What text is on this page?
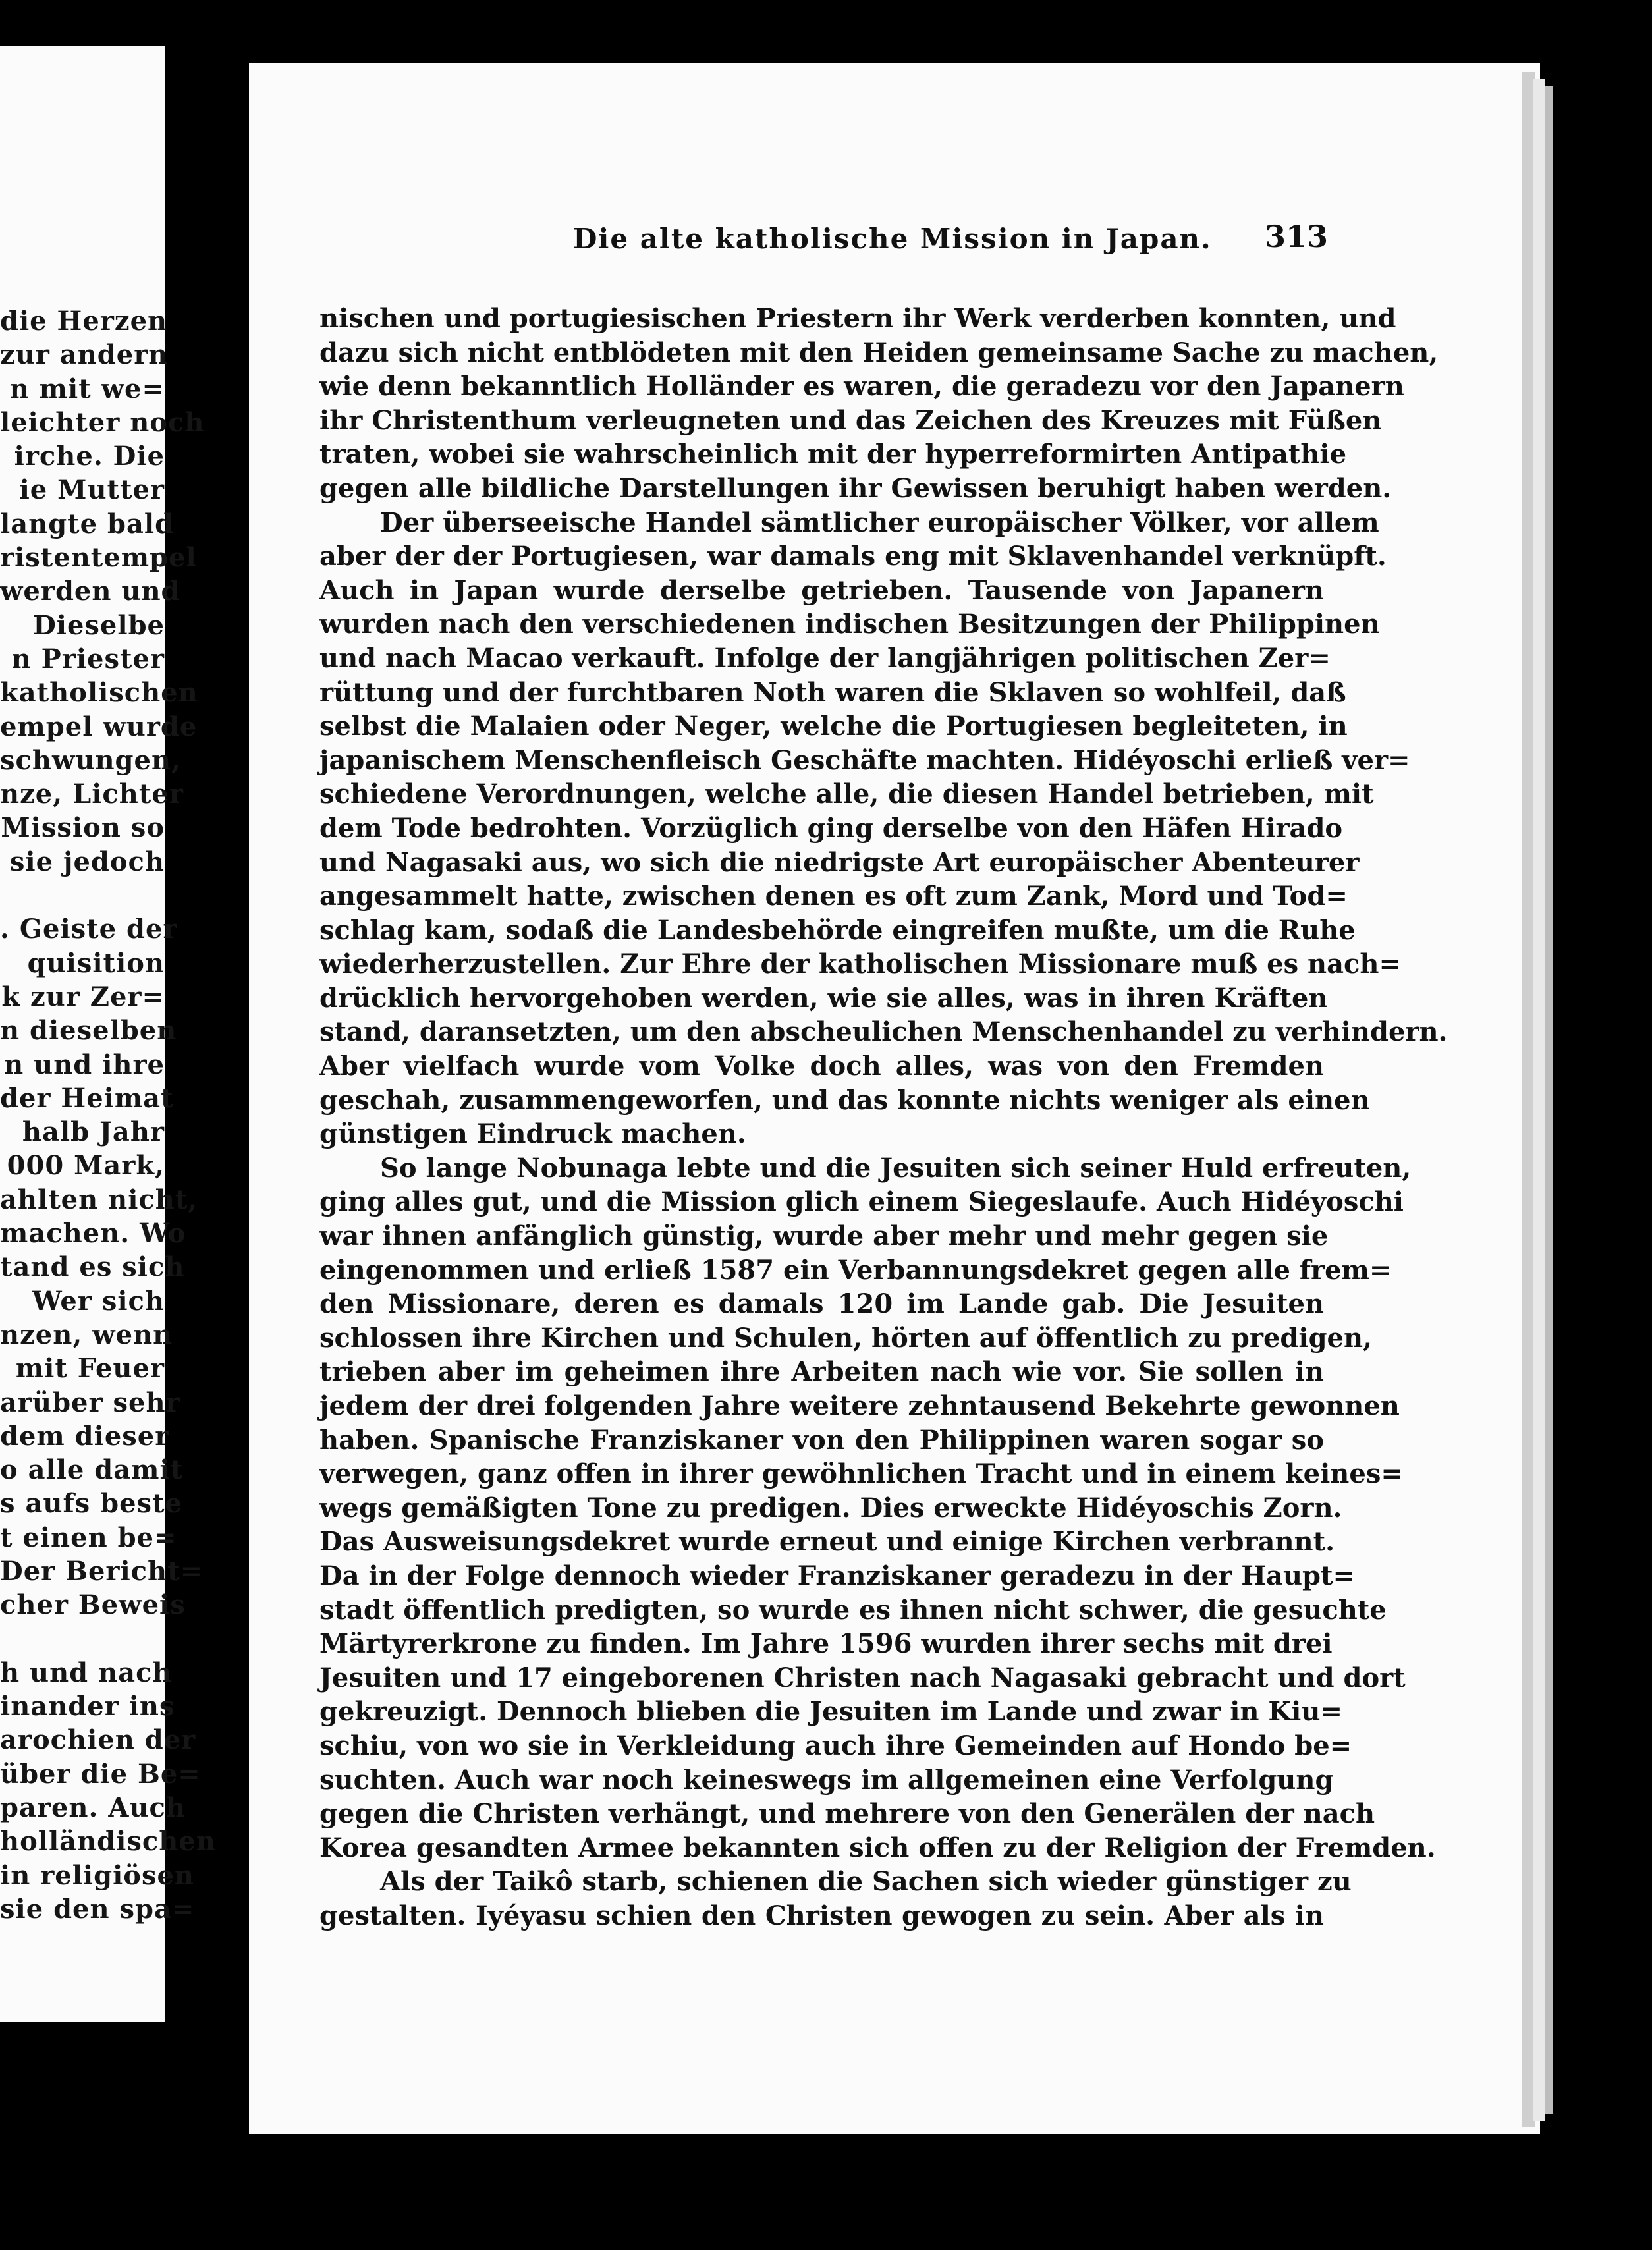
die Herzen
zur andern
n mit we=
leichter noch
irche. Die
ie Mutter
langte bald
ristentempel
werden und
Dieselbe
n Priester
katholischen
empel wurde
schwungen,
nze, Lichter
Mission so
sie jedoch
. Geiste der
quisition
k zur Zer=
n dieselben
n und ihre
der Heimat
halb Jahr
000 Mark,
ahlten nicht,
machen. Wo
tand es sich
Wer sich
nzen, wenn
mit Feuer
arüber sehr
dem dieser
o alle damit
s aufs beste
t einen be=
Der Bericht=
cher Beweis
h und nach
inander ins
arochien der
über die Be=
paren. Auch
holländischen
in religiösen
sie den spa=
Die alte katholische Mission in Japan. 313
nischen und portugiesischen Priestern ihr Werk verderben konnten, und
dazu sich nicht entblödeten mit den Heiden gemeinsame Sache zu machen,
wie denn bekanntlich Holländer es waren, die geradezu vor den Japanern
ihr Christenthum verleugneten und das Zeichen des Kreuzes mit Füßen
traten, wobei sie wahrscheinlich mit der hyperreformirten Antipathie
gegen alle bildliche Darstellungen ihr Gewissen beruhigt haben werden.
Der überseeische Handel sämtlicher europäischer Völker, vor allem
aber der der Portugiesen, war damals eng mit Sklavenhandel verknüpft.
Auch in Japan wurde derselbe getrieben. Tausende von Japanern
wurden nach den verschiedenen indischen Besitzungen der Philippinen
und nach Macao verkauft. Infolge der langjährigen politischen Zer=
rüttung und der furchtbaren Noth waren die Sklaven so wohlfeil, daß
selbst die Malaien oder Neger, welche die Portugiesen begleiteten, in
japanischem Menschenfleisch Geschäfte machten. Hidéyoschi erließ ver=
schiedene Verordnungen, welche alle, die diesen Handel betrieben, mit
dem Tode bedrohten. Vorzüglich ging derselbe von den Häfen Hirado
und Nagasaki aus, wo sich die niedrigste Art europäischer Abenteurer
angesammelt hatte, zwischen denen es oft zum Zank, Mord und Tod=
schlag kam, sodaß die Landesbehörde eingreifen mußte, um die Ruhe
wiederherzustellen. Zur Ehre der katholischen Missionare muß es nach=
drücklich hervorgehoben werden, wie sie alles, was in ihren Kräften
stand, daransetzten, um den abscheulichen Menschenhandel zu verhindern.
Aber vielfach wurde vom Volke doch alles, was von den Fremden
geschah, zusammengeworfen, und das konnte nichts weniger als einen
günstigen Eindruck machen.
So lange Nobunaga lebte und die Jesuiten sich seiner Huld erfreuten,
ging alles gut, und die Mission glich einem Siegeslaufe. Auch Hidéyoschi
war ihnen anfänglich günstig, wurde aber mehr und mehr gegen sie
eingenommen und erließ 1587 ein Verbannungsdekret gegen alle frem=
den Missionare, deren es damals 120 im Lande gab. Die Jesuiten
schlossen ihre Kirchen und Schulen, hörten auf öffentlich zu predigen,
trieben aber im geheimen ihre Arbeiten nach wie vor. Sie sollen in
jedem der drei folgenden Jahre weitere zehntausend Bekehrte gewonnen
haben. Spanische Franziskaner von den Philippinen waren sogar so
verwegen, ganz offen in ihrer gewöhnlichen Tracht und in einem keines=
wegs gemäßigten Tone zu predigen. Dies erweckte Hidéyoschis Zorn.
Das Ausweisungsdekret wurde erneut und einige Kirchen verbrannt.
Da in der Folge dennoch wieder Franziskaner geradezu in der Haupt=
stadt öffentlich predigten, so wurde es ihnen nicht schwer, die gesuchte
Märtyrerkrone zu finden. Im Jahre 1596 wurden ihrer sechs mit drei
Jesuiten und 17 eingeborenen Christen nach Nagasaki gebracht und dort
gekreuzigt. Dennoch blieben die Jesuiten im Lande und zwar in Kiu=
schiu, von wo sie in Verkleidung auch ihre Gemeinden auf Hondo be=
suchten. Auch war noch keineswegs im allgemeinen eine Verfolgung
gegen die Christen verhängt, und mehrere von den Generälen der nach
Korea gesandten Armee bekannten sich offen zu der Religion der Fremden.
Als der Taikô starb, schienen die Sachen sich wieder günstiger zu
gestalten. Iyéyasu schien den Christen gewogen zu sein. Aber als in
